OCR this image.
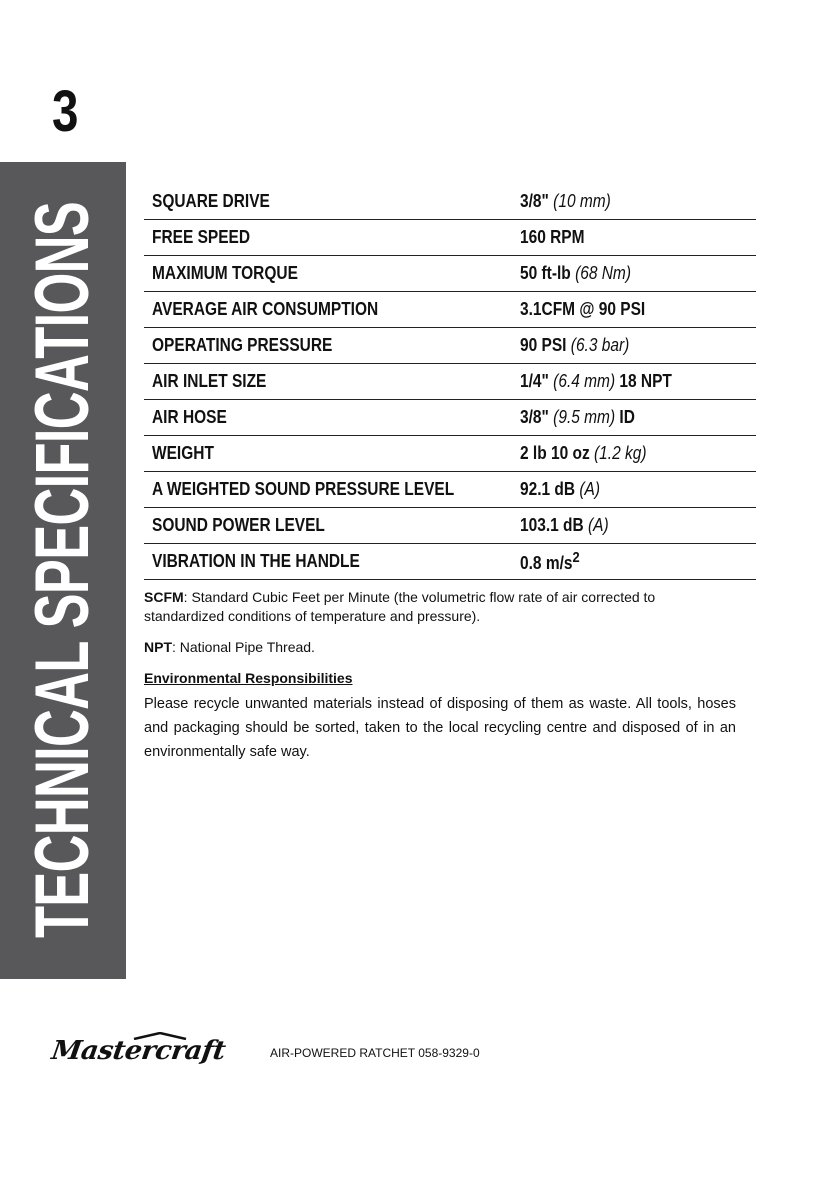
3
TECHNICAL SPECIFICATIONS
SQUARE DRIVE	3/8" (10 mm)
FREE SPEED	160 RPM
MAXIMUM TORQUE	50 ft-lb (68 Nm)
AVERAGE AIR CONSUMPTION	3.1CFM @ 90 PSI
OPERATING PRESSURE	90 PSI (6.3 bar)
AIR INLET SIZE	1/4" (6.4 mm) 18 NPT
AIR HOSE	3/8" (9.5 mm) ID
WEIGHT	2 lb 10 oz (1.2 kg)
A WEIGHTED SOUND PRESSURE LEVEL	92.1 dB (A)
SOUND POWER LEVEL	103.1 dB (A)
VIBRATION IN THE HANDLE	0.8 $m/s^2$

SCFM: Standard Cubic Feet per Minute (the volumetric flow rate of air corrected to standardized conditions of temperature and pressure).

NPT: National Pipe Thread.

Environmental Responsibilities

Please recycle unwanted materials instead of disposing of them as waste. All tools, hoses and packaging should be sorted, taken to the local recycling centre and disposed of in an environmentally safe way.

Mastercraft	AIR-POWERED RATCHET 058-9329-0
